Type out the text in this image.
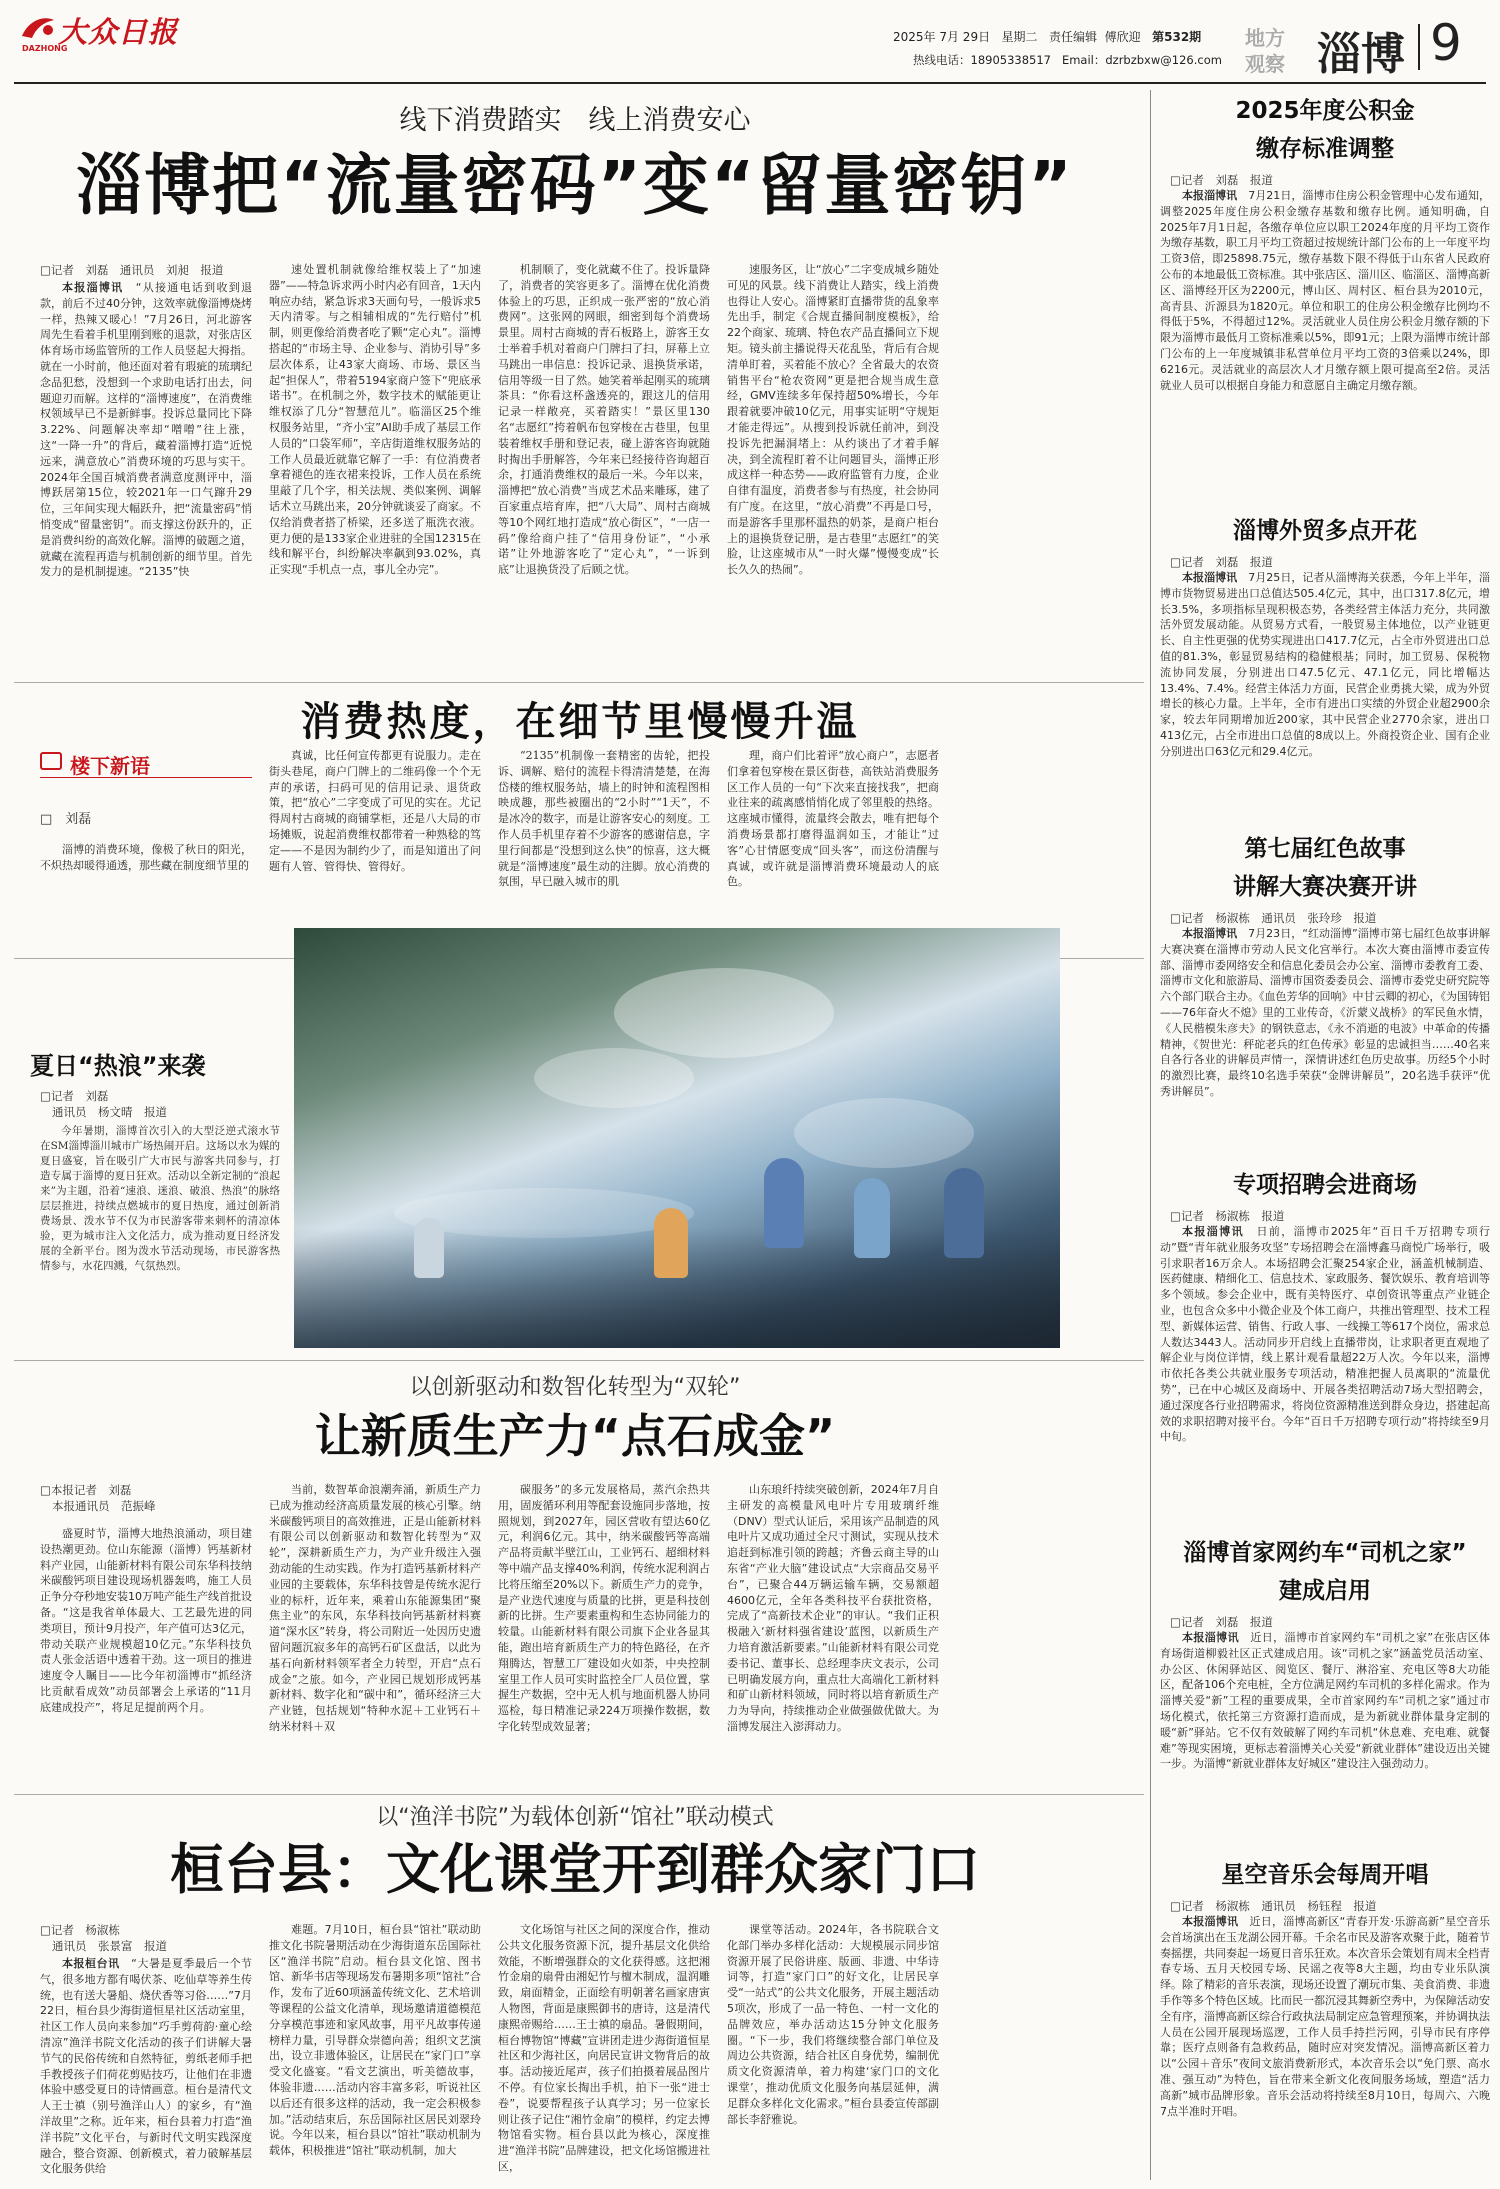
大众日报
DAZHONG
2025年 7月 29日 星期二 责任编辑 傅欣迎 第532期
热线电话：18905338517 Email：dzrbzbxw@126.com
地方
观察 淄博 9
线下消费踏实　线上消费安心
淄博把“流量密码”变“留量密钥”
□记者　刘磊　通讯员　刘昶　报道

本报淄博讯　 “从接通电话到收到退款，前后不过40分钟，这效率就像淄博烧烤一样，热辣又暖心！”7月26日，河北游客周先生看着手机里刚到账的退款，对张店区体育场市场监管所的工作人员竖起大拇指。就在一小时前，他还面对着有瑕疵的琉璃纪念品犯愁，没想到一个求助电话打出去，问题迎刃而解。这样的“淄博速度”，在消费维权领域早已不是新鲜事。投诉总量同比下降3.22%、问题解决率却“噌噌”往上涨，这“一降一升”的背后，藏着淄博打造“近悦远来，满意放心”消费环境的巧思与实干。2024年全国百城消费者满意度测评中，淄博跃居第15位，较2021年一口气蹿升29位，三年间实现大幅跃升，把“流量密码”悄悄变成“留量密钥”。而支撑这份跃升的，正是消费纠纷的高效化解。淄博的破题之道，就藏在流程再造与机制创新的细节里。首先发力的是机制提速。“2135”快

速处置机制就像给维权装上了“加速器”——特急诉求两小时内必有回音，1天内响应办结，紧急诉求3天画句号，一般诉求5天内清零。与之相辅相成的“先行赔付”机制，则更像给消费者吃了颗“定心丸”。淄博搭起的“市场主导、企业参与、消协引导”多层次体系，让43家大商场、市场、景区当起“担保人”，带着5194家商户签下“兜底承诺书”。在机制之外，数字技术的赋能更让维权添了几分“智慧范儿”。临淄区25个维权服务站里，“齐小宝”AI助手成了基层工作人员的“口袋军师”，辛店街道维权服务站的工作人员最近就靠它解了一手：有位消费者拿着褪色的连衣裙来投诉，工作人员在系统里敲了几个字，相关法规、类似案例、调解话术立马跳出来，20分钟就谈妥了商家。不仅给消费者搭了桥梁，还多送了瓶洗衣液。更力便的是133家企业进驻的全国12315在线和解平台，纠纷解决率飙到93.02%，真正实现“手机点一点，事儿全办完”。

机制顺了，变化就藏不住了。投诉量降了，消费者的笑容更多了。淄博在优化消费体验上的巧思，正织成一张严密的“放心消费网”。这张网的网眼，细密到每个消费场景里。周村古商城的青石板路上，游客王女士举着手机对着商户门牌扫了扫，屏幕上立马跳出一串信息：投诉记录、退换货承诺，信用等级一目了然。她笑着举起刚买的琉璃茶具：“你看这杯盏透亮的，跟这儿的信用记录一样敞亮，买着踏实！”景区里130名“志愿红”挎着帆布包穿梭在古巷里，包里装着维权手册和登记表，碰上游客咨询就随时掏出手册解答，今年来已经接待咨询超百余，打通消费维权的最后一米。今年以来，淄博把“放心消费”当成艺术品来雕琢，建了百家重点培育库，把“八大局”、周村古商城等10个网红地打造成“放心街区”，“一店一码”像给商户挂了“信用身份证”，“小承诺”让外地游客吃了“定心丸”，“一诉到底”让退换货没了后顾之忧。

速服务区，让“放心”二字变成城乡随处可见的风景。线下消费让人踏实，线上消费也得让人安心。淄博紧盯直播带货的乱象率先出手，制定《合规直播间制度模板》，给22个商家、琉璃、特色农产品直播间立下规矩。镜头前主播说得天花乱坠，背后有合规清单盯着，买着能不放心？全省最大的农资销售平台“枪农资网”更是把合规当成生意经，GMV连续多年保持超50%增长，今年跟着就要冲破10亿元，用事实证明“守规矩才能走得远”。从搜到投诉就任前冲，到没投诉先把漏洞堵上：从约谈出了才着手解决，到全流程盯着不让问题冒头，淄博正形成这样一种态势——政府监管有力度，企业自律有温度，消费者参与有热度，社会协同有广度。在这里，“放心消费”不再是口号，而是游客手里那杯温热的奶茶，是商户柜台上的退换货登记册，是古巷里“志愿红”的笑脸，让这座城市从“一时火爆”慢慢变成“长长久久的热闹”。

消费热度，在细节里慢慢升温
楼下新语
□　刘磊

淄博的消费环境，像极了秋日的阳光，不炽热却暖得通透，那些藏在制度细节里的

真诚，比任何宣传都更有说服力。走在街头巷尾，商户门牌上的二维码像一个个无声的承诺，扫码可见的信用记录、退货政策，把“放心”二字变成了可见的实在。尤记得周村古商城的商铺掌柜，还是八大局的市场摊贩，说起消费维权都带着一种熟稔的笃定——不是因为制约少了，而是知道出了问题有人管、管得快、管得好。

“2135”机制像一套精密的齿轮，把投诉、调解、赔付的流程卡得清清楚楚，在海岱楼的维权服务站，墙上的时钟和流程图相映成趣，那些被圈出的“2小时”“1天”，不是冰冷的数字，而是让游客安心的刻度。工作人员手机里存着不少游客的感谢信息，字里行间都是“没想到这么快”的惊喜，这大概就是“淄博速度”最生动的注脚。放心消费的氛围，早已融入城市的肌

理，商户们比着评“放心商户”，志愿者们拿着包穿梭在景区街巷，高铁站消费服务区工作人员的一句“下次来直接找我”，把商业往来的疏离感悄悄化成了邻里般的热络。这座城市懂得，流量终会散去，唯有把每个消费场景都打磨得温润如玉，才能让“过客”心甘情愿变成“回头客”，而这份清醒与真诚，或许就是淄博消费环境最动人的底色。

夏日“热浪”来袭
□记者　刘磊
通讯员　杨文晴　报道

今年暑期，淄博首次引入的大型泛逆式滚水节在SM淄博淄川城市广场热闹开启。这场以水为媒的夏日盛宴，旨在吸引广大市民与游客共同参与，打造专属于淄博的夏日狂欢。活动以全新定制的“浪起来”为主题，沿着“速浪、迷浪、破浪、热浪”的脉络层层推进，持续点燃城市的夏日热度，通过创新消费场景、泼水节不仅为市民游客带来刺杯的清凉体验，更为城市注入文化活力，成为推动夏日经济发展的全新平台。图为泼水节活动现场，市民游客热情参与，水花四溅，气氛热烈。

以创新驱动和数智化转型为“双轮”
让新质生产力“点石成金”
□本报记者　刘磊
本报通讯员　范振峰

盛夏时节，淄博大地热浪涌动，项目建设热潮更劲。位山东能源（淄博）钙基新材料产业园，山能新材料有限公司东华科技纳米碳酸钙项目建设现场机器轰鸣，施工人员正争分夺秒地安装10万吨产能生产线首批设备。“这是我省单体最大、工艺最先进的同类项目，预计9月投产，年产值可达3亿元，带动关联产业规模超10亿元。”东华科技负责人张金活语中透着干劲。这一项目的推进速度令人瞩目——比今年初淄博市“抓经济比贡献看成效”动员部署会上承诺的“11月底建成投产”，将足足提前两个月。

当前，数智革命浪潮奔涌，新质生产力已成为推动经济高质量发展的核心引擎。纳米碳酸钙项目的高效推进，正是山能新材料有限公司以创新驱动和数智化转型为“双轮”，深耕新质生产力，为产业升级注入强劲动能的生动实践。作为打造钙基新材料产业园的主要载体，东华科技曾是传统水泥行业的标杆，近年来，乘着山东能源集团“聚焦主业”的东风，东华科技向钙基新材料赛道“深水区”转身，将公司附近一处因历史遗留问题沉寂多年的高钙石矿区盘活，以此为基石向新材料领军者全力转型，开启“点石成金”之旅。如今，产业园已规划形成钙基新材料、数字化和“碳中和”，循环经济三大产业链，包括规划“特种水泥＋工业钙石＋纳米材料＋双

碳服务”的多元发展格局，蒸汽余热共用，固废循环利用等配套设施同步落地，按照规划，到2027年，园区营收有望达60亿元，利润6亿元。其中，纳米碳酸钙等高端产品将贡献半壁江山，工业钙石、超细材料等中端产品支撑40%利润，传统水泥利润占比将压缩至20%以下。新质生产力的竞争，是产业迭代速度与质量的比拼，更是科技创新的比拼。生产要素重构和生态协同能力的较量。山能新材料有限公司旗下企业各显其能，跑出培育新质生产力的特色路径，在齐翔腾达，智慧工厂建设如火如荼，中央控制室里工作人员可实时监控全厂人员位置，掌握生产数据，空中无人机与地面机器人协同巡检，每日精准记录224万项操作数据，数字化转型成效显著；

山东琅纤持续突破创新，2024年7月自主研发的高模量风电叶片专用玻璃纤维（DNV）型式认证后，采用该产品制造的风电叶片又成功通过全尺寸测试，实现从技术追赶到标准引领的跨越；齐鲁云商主导的山东省“产业大脑”建设试点“大宗商品交易平台”，已聚合44万辆运输车辆，交易额超4600亿元，全年各类科技平台获批资格，完成了“高新技术企业”的审认。“我们正积极融入‘新材料强省建设’蓝图，以新质生产力培育激活新要素。”山能新材料有限公司党委书记、董事长、总经理李庆文表示，公司已明确发展方向，重点壮大高端化工新材料和矿山新材料领域，同时将以培育新质生产力为导向，持续推动企业做强做优做大。为淄博发展注入澎湃动力。

以“渔洋书院”为载体创新“馆社”联动模式
桓台县：文化课堂开到群众家门口
□记者　杨淑栋
通讯员　张景富　报道

本报桓台讯　 “大暑是夏季最后一个节气，很多地方都有喝伏茶、吃仙草等养生传统，也有送大暑船、烧伏香等习俗……”7月22日，桓台县少海街道恒星社区活动室里，社区工作人员向来参加“巧手剪荷韵·童心绘清凉”渔洋书院文化活动的孩子们讲解大暑节气的民俗传统和自然特征，剪纸老师手把手教授孩子们荷花剪贴技巧，让他们在非遗体验中感受夏日的诗情画意。桓台是清代文人王士禛（别号渔洋山人）的家乡，有“渔洋故里”之称。近年来，桓台县着力打造“渔洋书院”文化平台，与新时代文明实践深度融合，整合资源、创新模式，着力破解基层文化服务供给

难题。7月10日，桓台县“馆社”联动助推文化书院暑期活动在少海街道东岳国际社区“渔洋书院”启动。桓台县文化馆、图书馆、新华书店等现场发布暑期多项“馆社”合作，发布了近60项涵盖传统文化、艺术培训等课程的公益文化清单，现场邀请道德模范分享模范事迹和家风故事，用平凡故事传递榜样力量，引导群众崇德向善；组织文艺演出，设立非遗体验区，让居民在“家门口”享受文化盛宴。“看文艺演出，听美德故事，体验非遗……活动内容丰富多彩，听说社区以后还有很多这样的活动，我一定会积极参加。”活动结束后，东岳国际社区居民刘翠玲说。今年以来，桓台县以“馆社”联动机制为载体，积极推进“馆社”联动机制，加大

文化场馆与社区之间的深度合作，推动公共文化服务资源下沉，提升基层文化供给效能，不断增强群众的文化获得感。这把湘竹金扇的扇骨由湘妃竹与檀木制成，温润雕致，扇面精金，正面绘有明朝著名画家唐寅人物图，背面是康熙御书的唐诗，这是清代康熙帝赐给……王士禛的扇品。暑假期间，桓台博物馆“博藏”宣讲团走进少海街道恒星社区和少海社区，向居民宣讲文物背后的故事。活动接近尾声，孩子们拍摄着展品图片不停。有位家长掏出手机，拍下一张“进士卷”，说要帮程孩子认真学习；另一位家长则让孩子记住“湘竹金扇”的模样，约定去博物馆看实物。桓台县以此为核心，深度推进“渔洋书院”品牌建设，把文化场馆搬进社区，

课堂等活动。2024年，各书院联合文化部门举办多样化活动：大规模展示同步馆资源开展了民俗讲座、版画、非遗、中华诗词等，打造“家门口”的好文化，让居民享受“一站式”的公共文化服务，开展主题活动5项次，形成了一品一特色、一村一文化的品牌效应，举办活动达15分钟文化服务圈。“下一步，我们将继续整合部门单位及周边公共资源，结合社区自身优势，编制优质文化资源清单，着力构建‘家门口的文化课堂’，推动优质文化服务向基层延伸，满足群众多样化文化需求。”桓台县委宣传部副部长李舒雅说。

2025年度公积金
缴存标准调整
□记者　刘磊　报道

本报淄博讯　 7月21日，淄博市住房公积金管理中心发布通知，调整2025年度住房公积金缴存基数和缴存比例。通知明确，自2025年7月1日起，各缴存单位应以职工2024年度的月平均工资作为缴存基数，职工月平均工资超过按规统计部门公布的上一年度平均工资3倍，即25898.75元，缴存基数下限不得低于山东省人民政府公布的本地最低工资标准。其中张店区、淄川区、临淄区、淄博高新区、淄博经开区为2200元，博山区、周村区、桓台县为2010元，高青县、沂源县为1820元。单位和职工的住房公积金缴存比例均不得低于5%，不得超过12%。灵活就业人员住房公积金月缴存额的下限为淄博市最低月工资标准乘以5%，即91元；上限为淄博市统计部门公布的上一年度城镇非私营单位月平均工资的3倍乘以24%，即6216元。灵活就业的高层次人才月缴存额上限可提高至2倍。灵活就业人员可以根据自身能力和意愿自主确定月缴存额。

淄博外贸多点开花
□记者　刘磊　报道

本报淄博讯　 7月25日，记者从淄博海关获悉，今年上半年，淄博市货物贸易进出口总值达505.4亿元，其中，出口317.8亿元，增长3.5%，多项指标呈现积极态势，各类经营主体活力充分，共同激活外贸发展动能。从贸易方式看，一般贸易主体地位，以产业链更长、自主性更强的优势实现进出口417.7亿元，占全市外贸进出口总值的81.3%，彰显贸易结构的稳健根基；同时，加工贸易、保税物流协同发展，分别进出口47.5亿元、47.1亿元，同比增幅达13.4%、7.4%。经营主体活力方面，民营企业勇挑大梁，成为外贸增长的核心力量。上半年，全市有进出口实绩的外贸企业超2900余家，较去年同期增加近200家，其中民营企业2770余家，进出口413亿元，占全市进出口总值的8成以上。外商投资企业、国有企业分别进出口63亿元和29.4亿元。

第七届红色故事
讲解大赛决赛开讲
□记者　杨淑栋　通讯员　张玲珍　报道

本报淄博讯　 7月23日，“红动淄博”淄博市第七届红色故事讲解大赛决赛在淄博市劳动人民文化宫举行。本次大赛由淄博市委宣传部、淄博市委网络安全和信息化委员会办公室、淄博市委教育工委、淄博市文化和旅游局、淄博市国资委委员会、淄博市委党史研究院等六个部门联合主办。《血色芳华的回响》中甘云卿的初心，《为国铸铝——76年奋火不熄》里的工业传奇，《沂蒙义战桥》的军民鱼水情，《人民楷模朱彦夫》的钢铁意志，《永不消逝的电波》中革命的传播精神，《贺世光：秤砣老兵的红色传承》彰显的忠诚担当……40名来自各行各业的讲解员声情一，深情讲述红色历史故事。历经5个小时的激烈比赛，最终10名选手荣获“金牌讲解员”，20名选手获评“优秀讲解员”。

专项招聘会进商场
□记者　杨淑栋　报道

本报淄博讯　 日前，淄博市2025年“百日千万招聘专项行动”暨“青年就业服务攻坚”专场招聘会在淄博鑫马商悦广场举行，吸引求职者16万余人。本场招聘会汇聚254家企业，涵盖机械制造、医药健康、精细化工、信息技术、家政服务、餐饮娱乐、教育培训等多个领域。参会企业中，既有美特医疗、卓创资讯等重点产业链企业，也包含众多中小微企业及个体工商户，共推出管理型、技术工程型、新媒体运营、销售、行政人事、一线操工等617个岗位，需求总人数达3443人。活动同步开启线上直播带岗，让求职者更直观地了解企业与岗位详情，线上累计观看量超22万人次。今年以来，淄博市依托各类公共就业服务专项活动，精准把握人员离职的“流量优势”，已在中心城区及商场中、开展各类招聘活动7场大型招聘会，通过深度各行业招聘需求，将岗位资源精准送到群众身边，搭建起高效的求职招聘对接平台。今年“百日千万招聘专项行动”将持续至9月中旬。

淄博首家网约车“司机之家”
建成启用
□记者　刘磊　报道

本报淄博讯　 近日，淄博市首家网约车“司机之家”在张店区体育场街道柳毅社区正式建成启用。该“司机之家”涵盖党员活动室、办公区、休闲驿站区、阅览区、餐厅、淋浴室、充电区等8大功能区，配备106个充电桩，全方位满足网约车司机的多样化需求。作为淄博关爱“新”工程的重要成果，全市首家网约车“司机之家”通过市场化模式，依托第三方资源打造而成，是为新就业群体量身定制的暖“新”驿站。它不仅有效破解了网约车司机“休息难、充电难、就餐难”等现实困境，更标志着淄博关心关爱“新就业群体”建设迈出关键一步。为淄博“新就业群体友好城区”建设注入强劲动力。

星空音乐会每周开唱
□记者　杨淑栋　通讯员　杨钰程　报道

本报淄博讯　 近日，淄博高新区“青春开发·乐游高新”星空音乐会首场演出在玉龙湖公园开幕。千余名市民及游客欢聚于此，随着节奏摇摆，共同奏起一场夏日音乐狂欢。本次音乐会策划有周末全档青春专场、五月天校园专场、民谣之夜等8大主题，均由专业乐队演绎。除了精彩的音乐表演，现场还设置了潮玩市集、美食消费、非遗手作等多个特色区域。比而民一都沉浸其舞新空秀中，为保障活动安全有序，淄博高新区综合行政执法局制定应急管理预案，并协调执法人员在公园开展现场巡逻，工作人员手持拦污网，引导市民有序停靠；医疗点则备有急救药品，随时应对突发情况。淄博高新区着力以“公园＋音乐”夜间文旅消费新形式，本次音乐会以“免门票、高水准、强互动”为特色，旨在带来全新文化夜间服务场域，塑造“活力高新”城市品牌形象。音乐会活动将持续至8月10日，每周六、六晚7点半准时开唱。
